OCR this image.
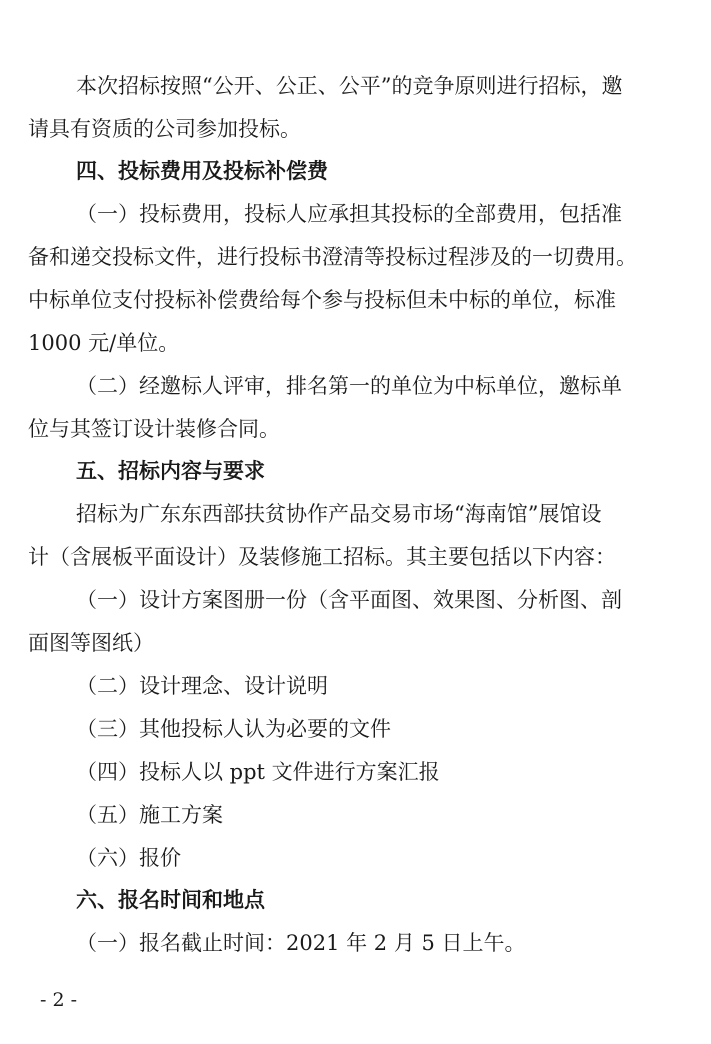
本次招标按照“公开、公正、公平”的竞争原则进行招标，邀
请具有资质的公司参加投标。
四、投标费用及投标补偿费
（一）投标费用，投标人应承担其投标的全部费用，包括准
备和递交投标文件，进行投标书澄清等投标过程涉及的一切费用。
中标单位支付投标补偿费给每个参与投标但未中标的单位，标准
1000 元/单位。
（二）经邀标人评审，排名第一的单位为中标单位，邀标单
位与其签订设计装修合同。
五、招标内容与要求
招标为广东东西部扶贫协作产品交易市场“海南馆”展馆设
计（含展板平面设计）及装修施工招标。其主要包括以下内容：
（一）设计方案图册一份（含平面图、效果图、分析图、剖
面图等图纸）
（二）设计理念、设计说明
（三）其他投标人认为必要的文件
（四）投标人以 ppt 文件进行方案汇报
（五）施工方案
（六）报价
六、报名时间和地点
（一）报名截止时间：2021 年 2 月 5 日上午。
- 2 -
